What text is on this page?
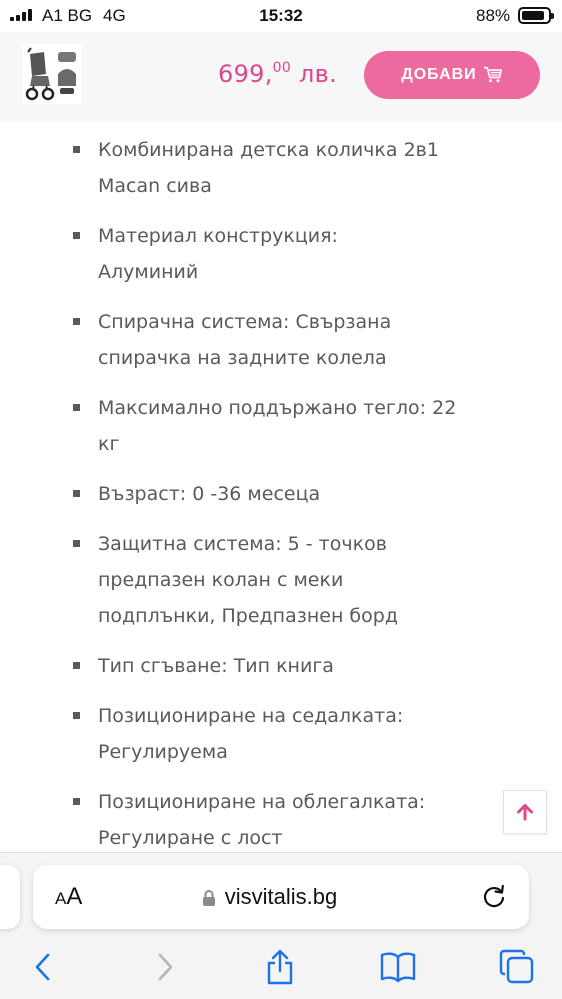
A1 BG 4G	15:32	88%
699,00 лв.	ДОБАВИ
Комбинирана детска количка 2в1
Macan сива
Материал конструкция:
Алуминий
Спирачна система: Свързана
спирачка на задните колела
Максимално поддържано тегло: 22
кг
Възраст: 0 -36 месеца
Защитна система: 5 - точков
предпазен колан с меки
подплънки, Предпазнен борд
Тип сгъване: Тип книга
Позициониране на седалката:
Регулируема
Позициониране на облегалката:
Регулиране с лост
AA	visvitalis.bg
